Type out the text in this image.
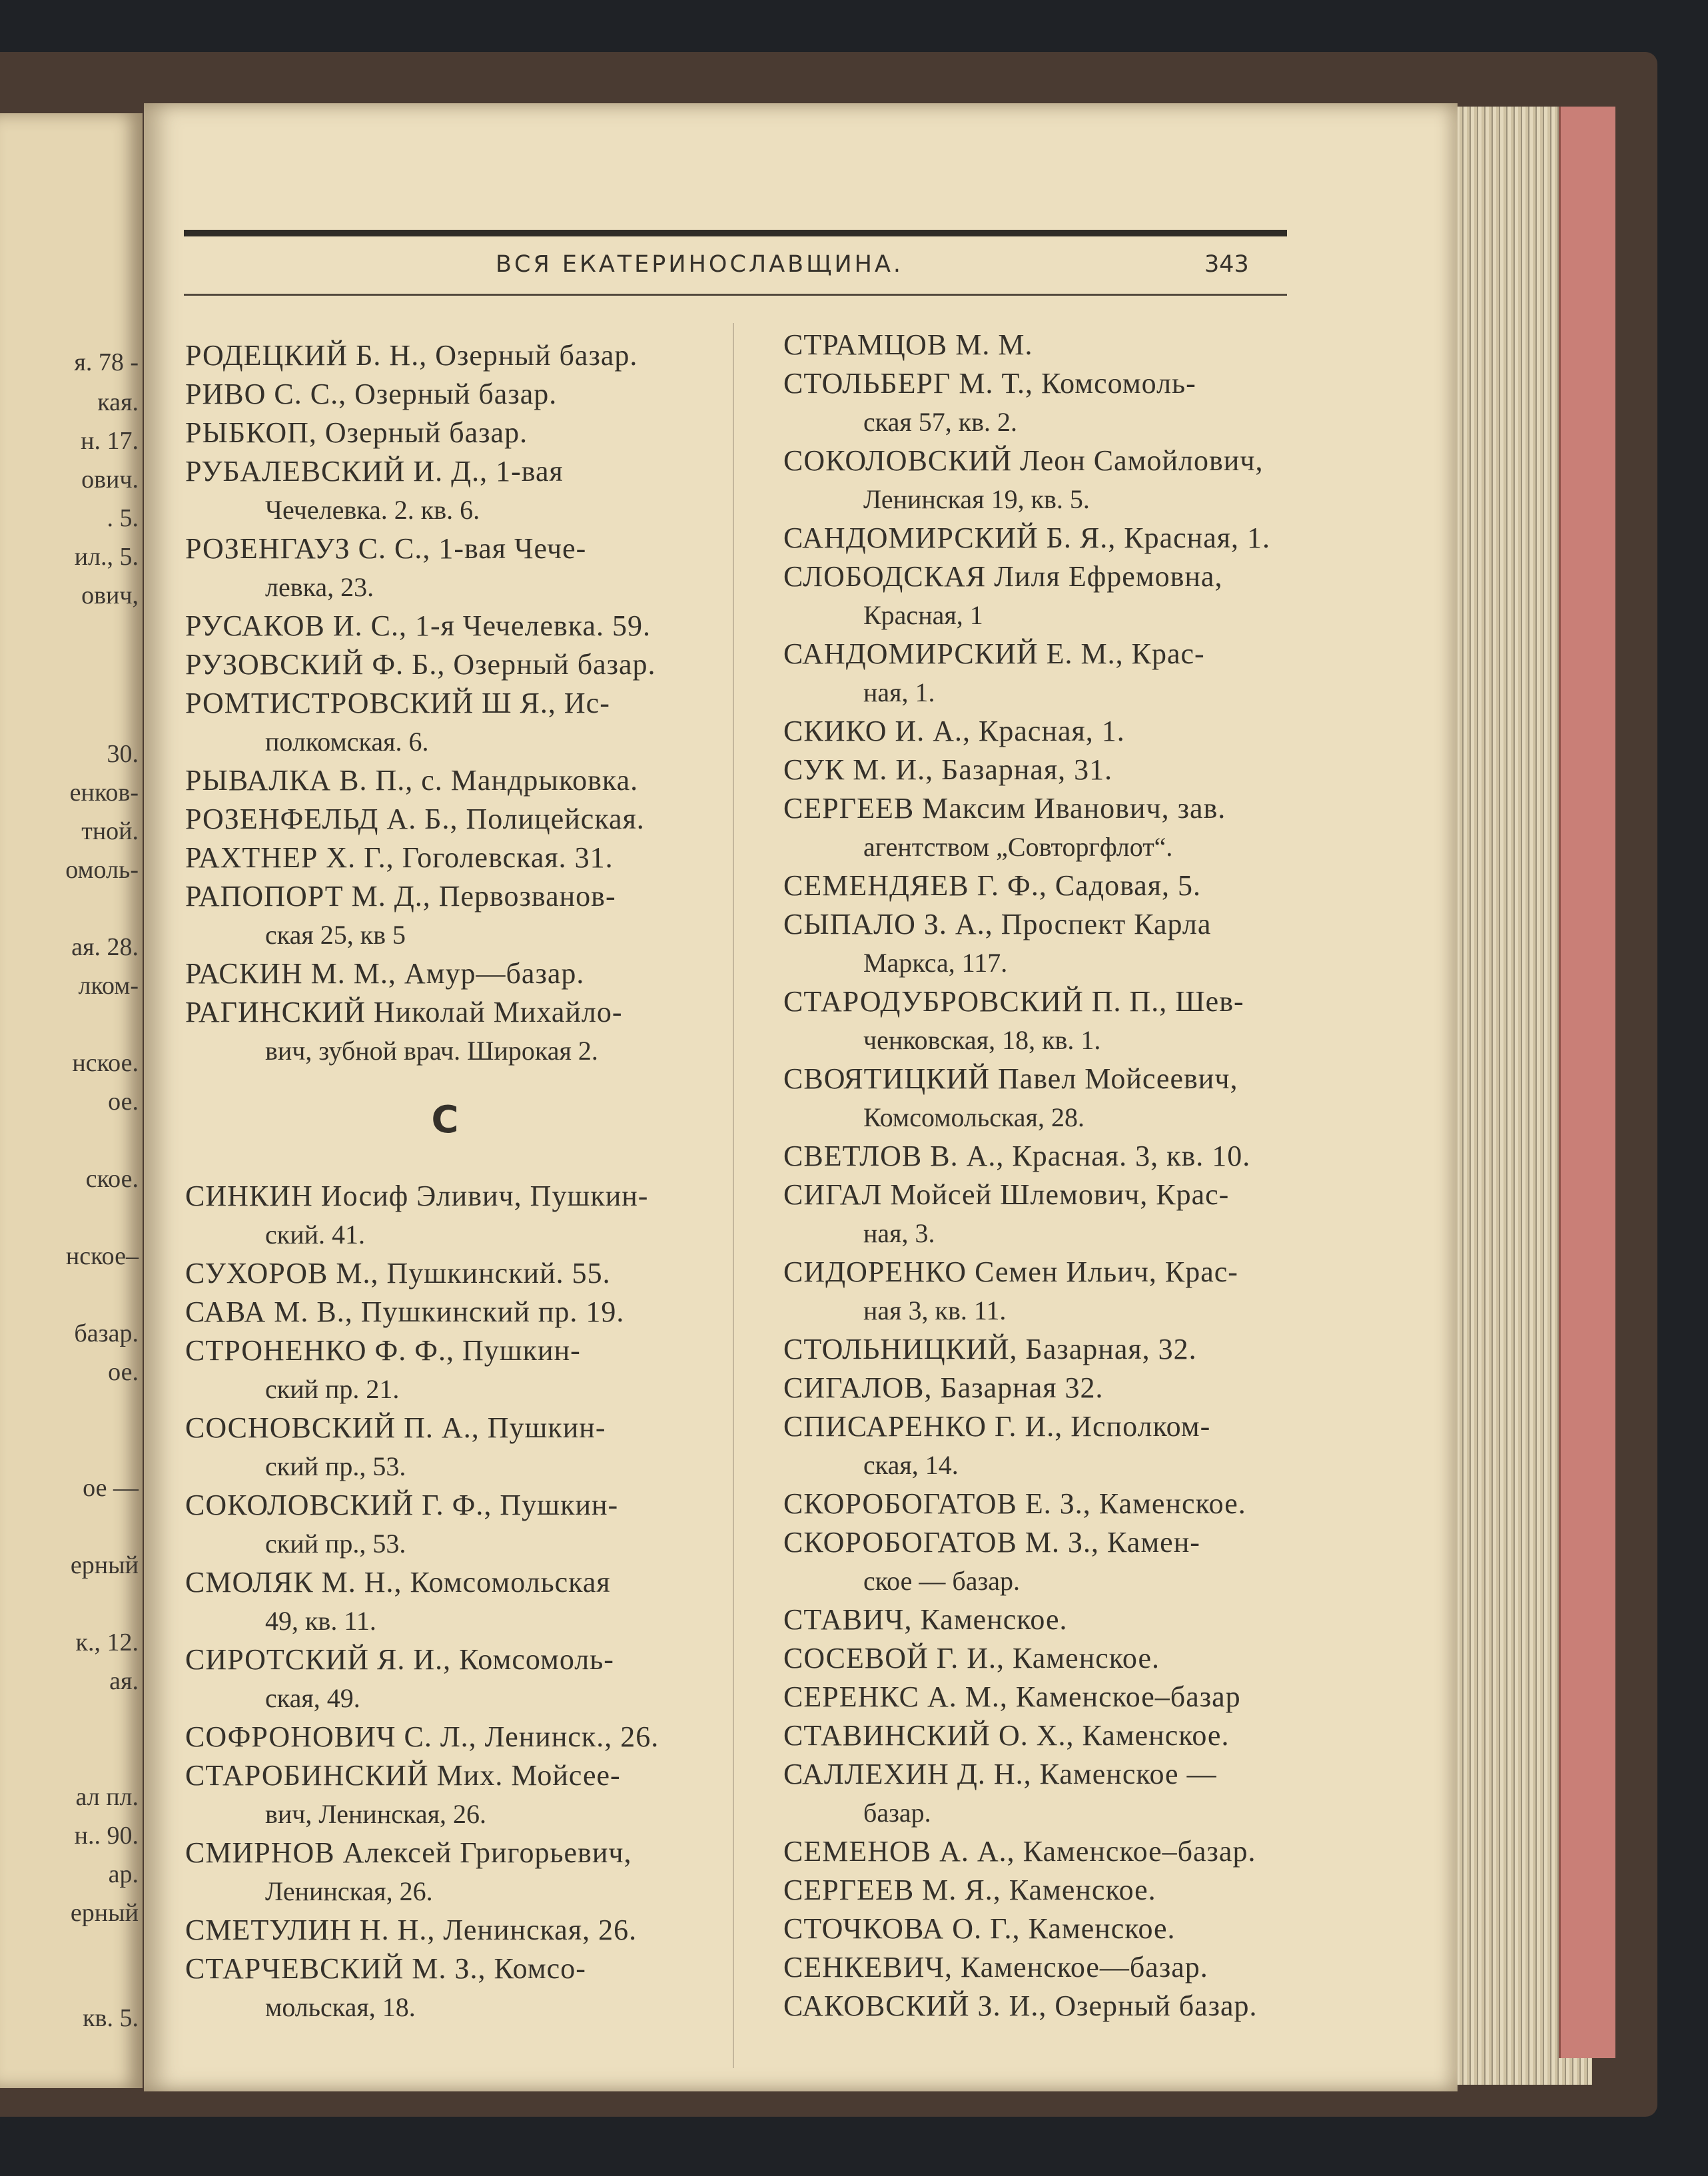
я. 78 -
кая.
н. 17.
ович.
. 5.
ил., 5.
ович,
30.
енков-
тной.
омоль-
ая. 28.
лком-
нское.
ое.
ское.
нское–
базар.
ое.
ое —
ерный
к., 12.
ая.
ал пл.
н.. 90.
ар.
ерный
кв. 5.
ВСЯ ЕКАТЕРИНОСЛАВЩИНА.	343
РОДЕЦКИЙ Б. Н., Озерный базар.
РИВО С. С., Озерный базар.
РЫБКОП, Озерный базар.
РУБАЛЕВСКИЙ И. Д., 1-вая
Чечелевка. 2. кв. 6.
РОЗЕНГАУЗ С. С., 1-вая Чече-
левка, 23.
РУСАКОВ И. С., 1-я Чечелевка. 59.
РУЗОВСКИЙ Ф. Б., Озерный базар.
РОМТИСТРОВСКИЙ Ш Я., Ис-
полкомская. 6.
РЫВАЛКА В. П., с. Мандрыковка.
РОЗЕНФЕЛЬД А. Б., Полицейская.
РАХТНЕР Х. Г., Гоголевская. 31.
РАПОПОРТ М. Д., Первозванов-
ская 25, кв 5
РАСКИН М. М., Амур—базар.
РАГИНСКИЙ Николай Михайло-
вич, зубной врач. Широкая 2.
С
СИНКИН Иосиф Эливич, Пушкин-
ский. 41.
СУХОРОВ М., Пушкинский. 55.
САВА М. В., Пушкинский пр. 19.
СТРОНЕНКО Ф. Ф., Пушкин-
ский пр. 21.
СОСНОВСКИЙ П. А., Пушкин-
ский пр., 53.
СОКОЛОВСКИЙ Г. Ф., Пушкин-
ский пр., 53.
СМОЛЯК М. Н., Комсомольская
49, кв. 11.
СИРОТСКИЙ Я. И., Комсомоль-
ская, 49.
СОФРОНОВИЧ С. Л., Ленинск., 26.
СТАРОБИНСКИЙ Мих. Мойсее-
вич, Ленинская, 26.
СМИРНОВ Алексей Григорьевич,
Ленинская, 26.
СМЕТУЛИН Н. Н., Ленинская, 26.
СТАРЧЕВСКИЙ М. З., Комсо-
мольская, 18.
СТРАМЦОВ М. М.
СТОЛЬБЕРГ М. Т., Комсомоль-
ская 57, кв. 2.
СОКОЛОВСКИЙ Леон Самойлович,
Ленинская 19, кв. 5.
САНДОМИРСКИЙ Б. Я., Красная, 1.
СЛОБОДСКАЯ Лиля Ефремовна,
Красная, 1
САНДОМИРСКИЙ Е. М., Крас-
ная, 1.
СКИКО И. А., Красная, 1.
СУК М. И., Базарная, 31.
СЕРГЕЕВ Максим Иванович, зав.
агентством „Совторгфлот“.
СЕМЕНДЯЕВ Г. Ф., Садовая, 5.
СЫПАЛО З. А., Проспект Карла
Маркса, 117.
СТАРОДУБРОВСКИЙ П. П., Шев-
ченковская, 18, кв. 1.
СВОЯТИЦКИЙ Павел Мойсеевич,
Комсомольская, 28.
СВЕТЛОВ В. А., Красная. 3, кв. 10.
СИГАЛ Мойсей Шлемович, Крас-
ная, 3.
СИДОРЕНКО Семен Ильич, Крас-
ная 3, кв. 11.
СТОЛЬНИЦКИЙ, Базарная, 32.
СИГАЛОВ, Базарная 32.
СПИСАРЕНКО Г. И., Исполком-
ская, 14.
СКОРОБОГАТОВ Е. З., Каменское.
СКОРОБОГАТОВ М. З., Камен-
ское — базар.
СТАВИЧ, Каменское.
СОСЕВОЙ Г. И., Каменское.
СЕРЕНКС А. М., Каменское–базар
СТАВИНСКИЙ О. Х., Каменское.
САЛЛЕХИН Д. Н., Каменское —
базар.
СЕМЕНОВ А. А., Каменское–базар.
СЕРГЕЕВ М. Я., Каменское.
СТОЧКОВА О. Г., Каменское.
СЕНКЕВИЧ, Каменское—базар.
САКОВСКИЙ З. И., Озерный базар.
